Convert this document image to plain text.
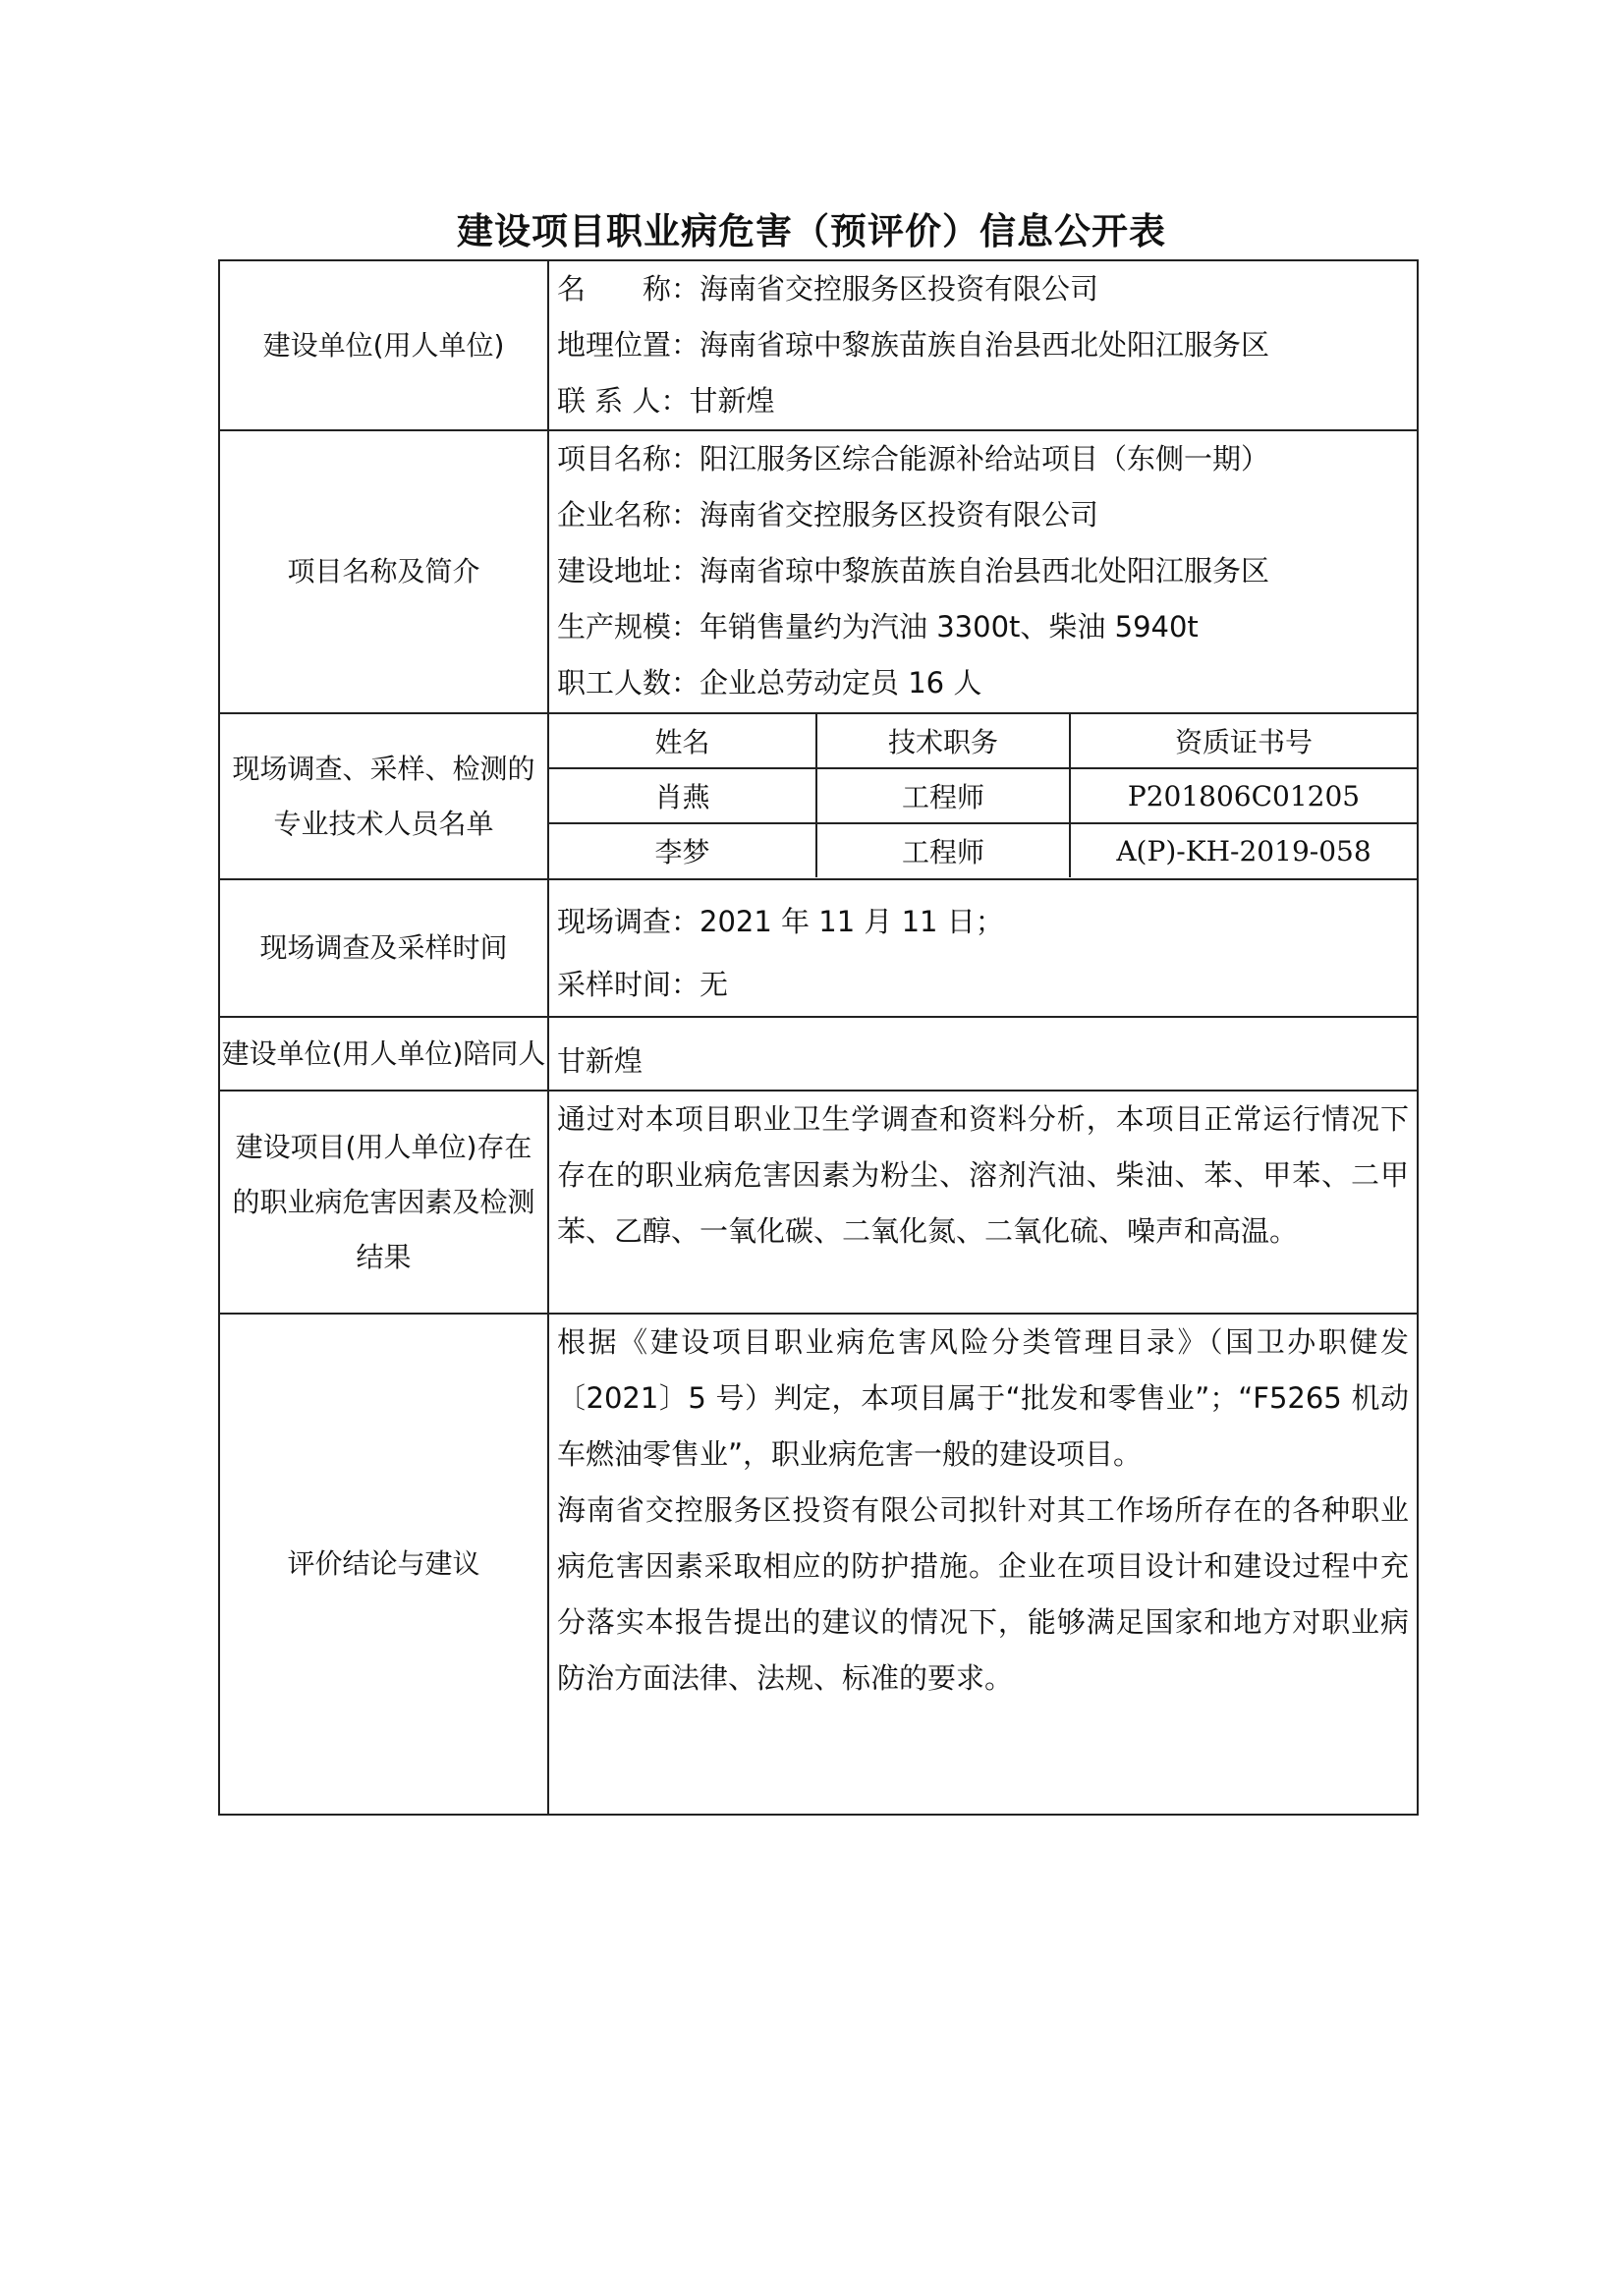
建设项目职业病危害（预评价）信息公开表
建设单位(用人单位)	
名　　称：海南省交控服务区投资有限公司
地理位置：海南省琼中黎族苗族自治县西北处阳江服务区
联 系 人：甘新煌

项目名称及简介	
项目名称：阳江服务区综合能源补给站项目（东侧一期）
企业名称：海南省交控服务区投资有限公司
建设地址：海南省琼中黎族苗族自治县西北处阳江服务区
生产规模：年销售量约为汽油 3300t、柴油 5940t
职工人数：企业总劳动定员 16 人

现场调查、采样、检测的
专业技术人员名单

姓名	技术职务	资质证书号
肖燕	工程师	P201806C01205
李梦	工程师	A(P)-KH-2019-058

现场调查及采样时间	
现场调查：2021 年 11 月 11 日；
采样时间：无

建设单位(用人单位)陪同人	甘新煌

建设项目(用人单位)存在
的职业病危害因素及检测
结果

通过对本项目职业卫生学调查和资料分析，本项目正常运行情况下存在的职业病危害因素为粉尘、溶剂汽油、柴油、苯、甲苯、二甲苯、乙醇、一氧化碳、二氧化氮、二氧化硫、噪声和高温。

评价结论与建议	
根据《建设项目职业病危害风险分类管理目录》（国卫办职健发〔2021〕5 号）判定，本项目属于“批发和零售业”；“F5265 机动车燃油零售业”，职业病危害一般的建设项目。
海南省交控服务区投资有限公司拟针对其工作场所存在的各种职业病危害因素采取相应的防护措施。企业在项目设计和建设过程中充分落实本报告提出的建议的情况下，能够满足国家和地方对职业病防治方面法律、法规、标准的要求。
